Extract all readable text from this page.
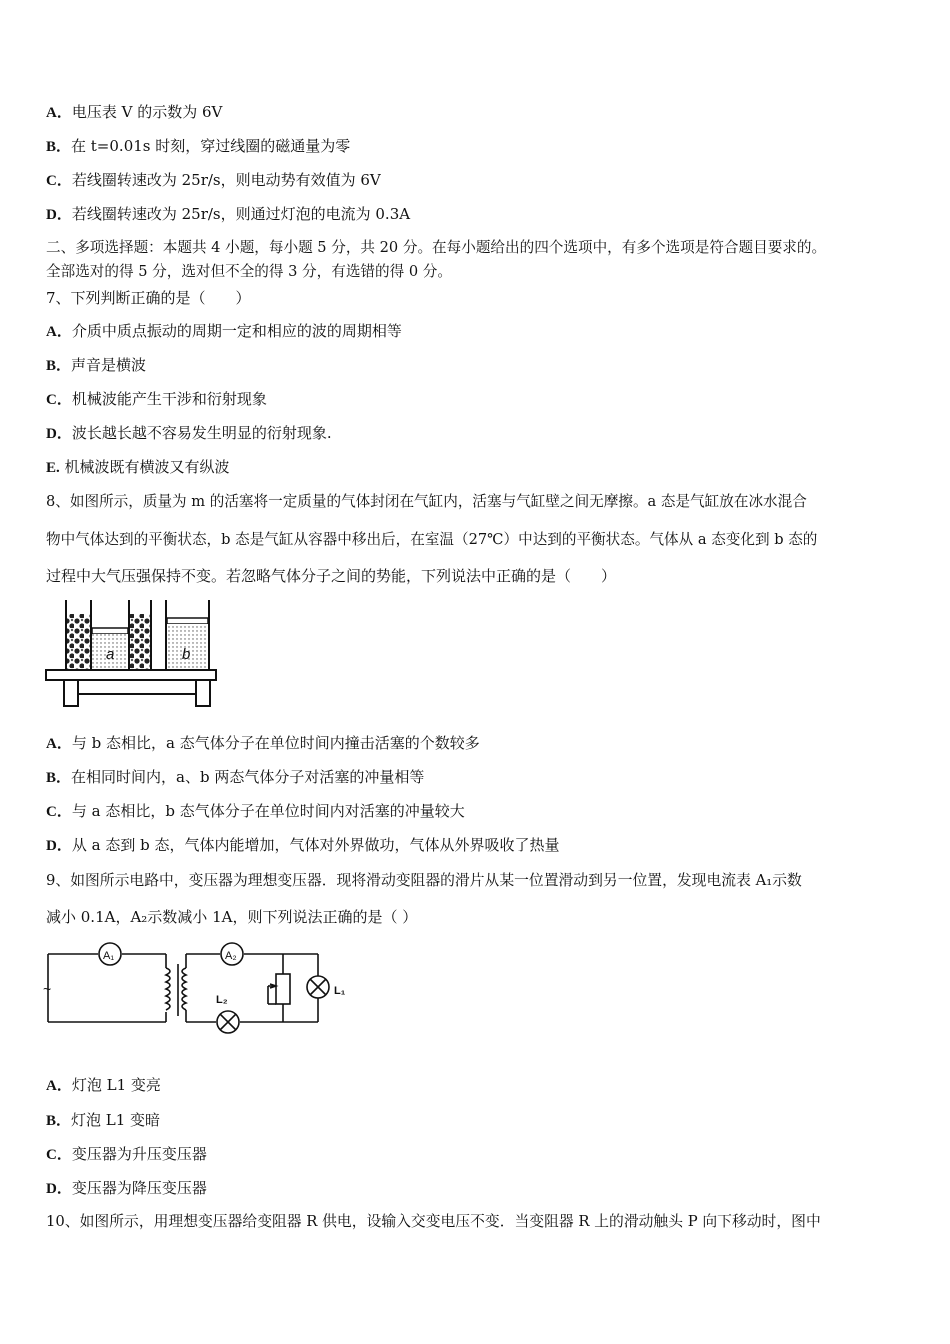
A．电压表 V 的示数为 6V
B．在 t=0.01s 时刻，穿过线圈的磁通量为零
C．若线圈转速改为 25r/s，则电动势有效值为 6V
D．若线圈转速改为 25r/s，则通过灯泡的电流为 0.3A
二、多项选择题：本题共 4 小题，每小题 5 分，共 20 分。在每小题给出的四个选项中，有多个选项是符合题目要求的。
全部选对的得 5 分，选对但不全的得 3 分，有选错的得 0 分。
7、下列判断正确的是（　　）
A．介质中质点振动的周期一定和相应的波的周期相等
B．声音是横波
C．机械波能产生干涉和衍射现象
D．波长越长越不容易发生明显的衍射现象.
E. 机械波既有横波又有纵波
8、如图所示，质量为 m 的活塞将一定质量的气体封闭在气缸内，活塞与气缸壁之间无摩擦。a 态是气缸放在冰水混合
物中气体达到的平衡状态，b 态是气缸从容器中移出后，在室温（27℃）中达到的平衡状态。气体从 a 态变化到 b 态的
过程中大气压强保持不变。若忽略气体分子之间的势能，下列说法中正确的是（　　）
a	b
A．与 b 态相比，a 态气体分子在单位时间内撞击活塞的个数较多
B．在相同时间内，a、b 两态气体分子对活塞的冲量相等
C．与 a 态相比，b 态气体分子在单位时间内对活塞的冲量较大
D．从 a 态到 b 态，气体内能增加，气体对外界做功，气体从外界吸收了热量
9、如图所示电路中，变压器为理想变压器．现将滑动变阻器的滑片从某一位置滑动到另一位置，发现电流表 A₁示数
减小 0.1A，A₂示数减小 1A，则下列说法正确的是（ ）
A₁
~
A₂
L₂
L₁
A．灯泡 L1 变亮
B．灯泡 L1 变暗
C．变压器为升压变压器
D．变压器为降压变压器
10、如图所示，用理想变压器给变阻器 R 供电，设输入交变电压不变．当变阻器 R 上的滑动触头 P 向下移动时，图中
